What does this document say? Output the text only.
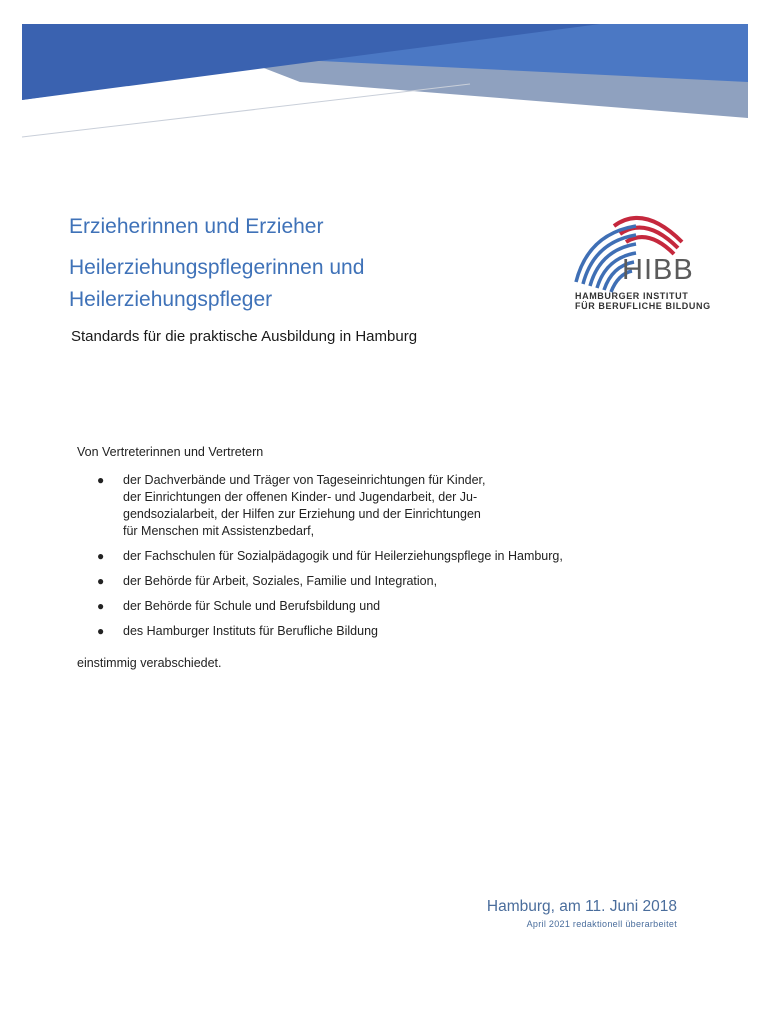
Erzieherinnen und Erzieher
Heilerziehungspflegerinnen und
Heilerziehungspfleger
Standards für die praktische Ausbildung in Hamburg
HIBB
HAMBURGER INSTITUT
FÜR BERUFLICHE BILDUNG
Von Vertreterinnen und Vertretern
● der Dachverbände und Träger von Tageseinrichtungen für Kinder,
der Einrichtungen der offenen Kinder- und Jugendarbeit, der Ju-
gendsozialarbeit, der Hilfen zur Erziehung und der Einrichtungen
für Menschen mit Assistenzbedarf,
● der Fachschulen für Sozialpädagogik und für Heilerziehungspflege in Hamburg,
● der Behörde für Arbeit, Soziales, Familie und Integration,
● der Behörde für Schule und Berufsbildung und
● des Hamburger Instituts für Berufliche Bildung
einstimmig verabschiedet.
Hamburg, am 11. Juni 2018
April 2021 redaktionell überarbeitet
